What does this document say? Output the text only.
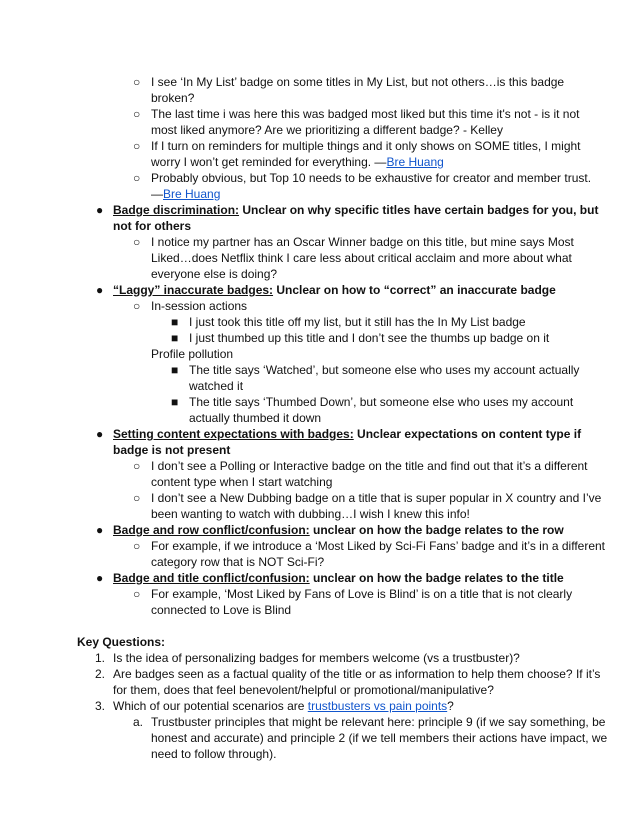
○ I see ‘In My List’ badge on some titles in My List, but not others…is this badge
broken?
○ The last time i was here this was badged most liked but this time it's not - is it not
most liked anymore? Are we prioritizing a different badge? - Kelley
○ If I turn on reminders for multiple things and it only shows on SOME titles, I might
worry I won’t get reminded for everything. —Bre Huang
○ Probably obvious, but Top 10 needs to be exhaustive for creator and member trust.
—Bre Huang
● Badge discrimination: Unclear on why specific titles have certain badges for you, but
not for others
○ I notice my partner has an Oscar Winner badge on this title, but mine says Most
Liked…does Netflix think I care less about critical acclaim and more about what
everyone else is doing?
● “Laggy” inaccurate badges: Unclear on how to “correct” an inaccurate badge
○ In-session actions
■ I just took this title off my list, but it still has the In My List badge
■ I just thumbed up this title and I don’t see the thumbs up badge on it
Profile pollution
■ The title says ‘Watched’, but someone else who uses my account actually
watched it
■ The title says ‘Thumbed Down’, but someone else who uses my account
actually thumbed it down
● Setting content expectations with badges: Unclear expectations on content type if
badge is not present
○ I don’t see a Polling or Interactive badge on the title and find out that it’s a different
content type when I start watching
○ I don’t see a New Dubbing badge on a title that is super popular in X country and I’ve
been wanting to watch with dubbing…I wish I knew this info!
● Badge and row conflict/confusion: unclear on how the badge relates to the row
○ For example, if we introduce a ‘Most Liked by Sci-Fi Fans’ badge and it’s in a different
category row that is NOT Sci-Fi?
● Badge and title conflict/confusion: unclear on how the badge relates to the title
○ For example, ‘Most Liked by Fans of Love is Blind’ is on a title that is not clearly
connected to Love is Blind
Key Questions:
1. Is the idea of personalizing badges for members welcome (vs a trustbuster)?
2. Are badges seen as a factual quality of the title or as information to help them choose? If it’s
for them, does that feel benevolent/helpful or promotional/manipulative?
3. Which of our potential scenarios are trustbusters vs pain points?
a. Trustbuster principles that might be relevant here: principle 9 (if we say something, be
honest and accurate) and principle 2 (if we tell members their actions have impact, we
need to follow through).
